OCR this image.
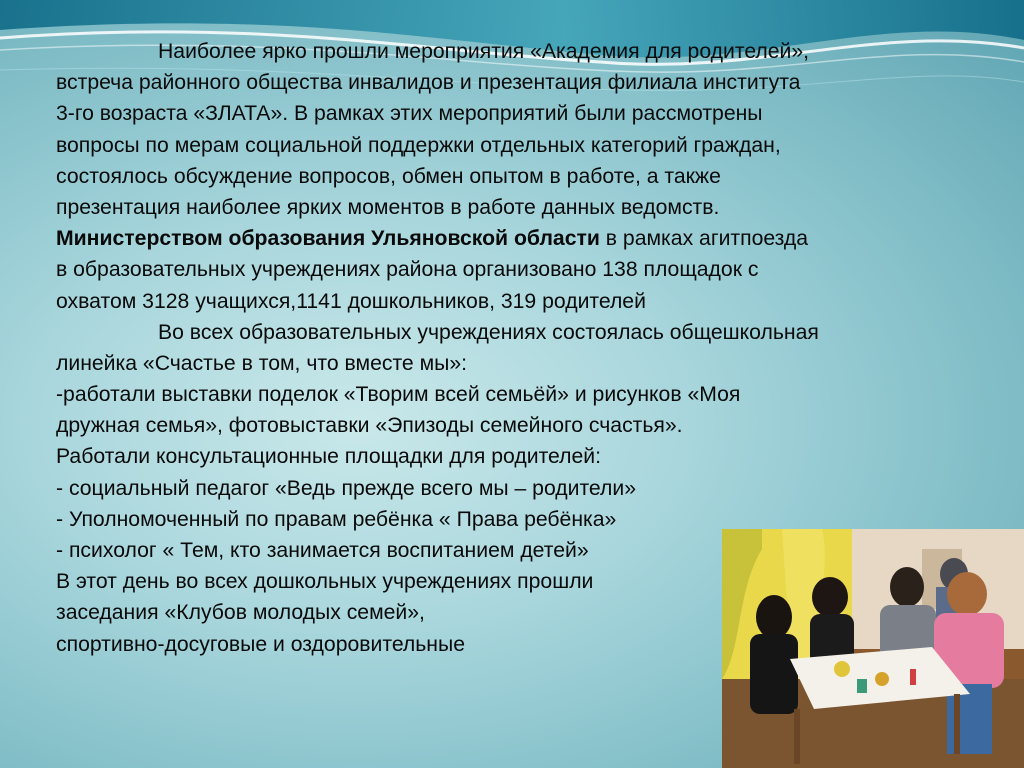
Наиболее ярко прошли мероприятия «Академия для родителей»,
встреча районного общества инвалидов и презентация филиала института
3-го возраста «ЗЛАТА». В рамках этих мероприятий были рассмотрены
вопросы по мерам социальной поддержки отдельных категорий граждан,
состоялось обсуждение вопросов, обмен опытом в работе, а также
презентация наиболее ярких моментов в работе данных ведомств.
Министерством образования Ульяновской области в рамках агитпоезда
в образовательных учреждениях района организовано 138 площадок с
охватом 3128 учащихся,1141 дошкольников, 319 родителей
Во всех образовательных учреждениях состоялась общешкольная
линейка «Счастье в том, что вместе мы»:
-работали выставки поделок «Творим всей семьёй» и рисунков «Моя
дружная семья», фотовыставки «Эпизоды семейного счастья».
Работали консультационные площадки для родителей:
- социальный педагог «Ведь прежде всего мы – родители»
- Уполномоченный по правам ребёнка « Права ребёнка»
- психолог « Тем, кто занимается воспитанием детей»
В этот день во всех дошкольных учреждениях прошли
заседания «Клубов молодых семей»,
спортивно-досуговые и оздоровительные
